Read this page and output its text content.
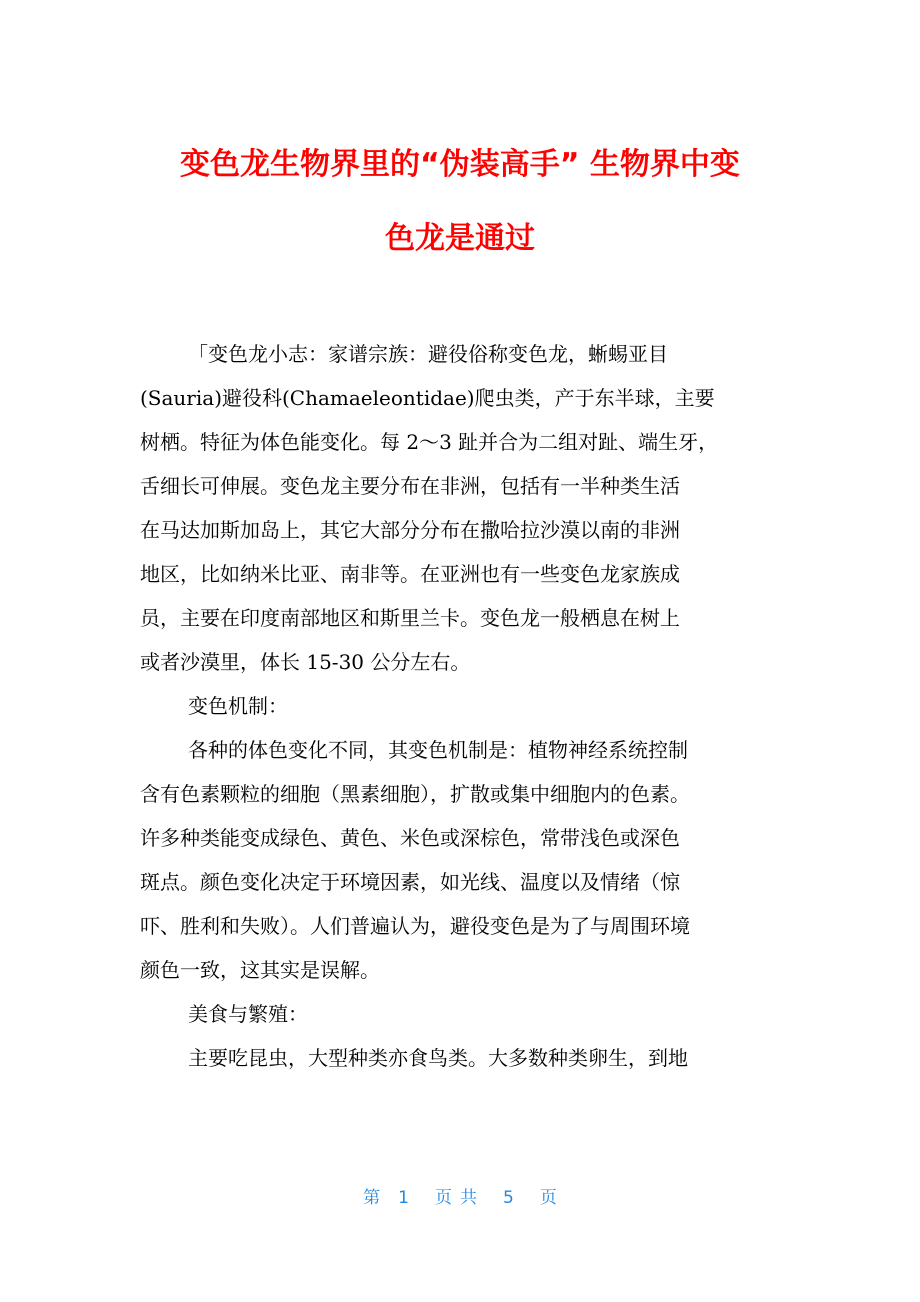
变色龙生物界里的“伪装高手” 生物界中变
色龙是通过
「变色龙小志：家谱宗族：避役俗称变色龙，蜥蜴亚目
(Sauria)避役科(Chamaeleontidae)爬虫类，产于东半球，主要
树栖。特征为体色能变化。每 2～3 趾并合为二组对趾、端生牙，
舌细长可伸展。变色龙主要分布在非洲，包括有一半种类生活
在马达加斯加岛上，其它大部分分布在撒哈拉沙漠以南的非洲
地区，比如纳米比亚、南非等。在亚洲也有一些变色龙家族成
员，主要在印度南部地区和斯里兰卡。变色龙一般栖息在树上
或者沙漠里，体长 15-30 公分左右。
变色机制：
各种的体色变化不同，其变色机制是：植物神经系统控制
含有色素颗粒的细胞（黑素细胞），扩散或集中细胞内的色素。
许多种类能变成绿色、黄色、米色或深棕色，常带浅色或深色
斑点。颜色变化决定于环境因素，如光线、温度以及情绪（惊
吓、胜利和失败）。人们普遍认为，避役变色是为了与周围环境
颜色一致，这其实是误解。
美食与繁殖：
主要吃昆虫，大型种类亦食鸟类。大多数种类卵生，到地
第 1 页共 5 页
